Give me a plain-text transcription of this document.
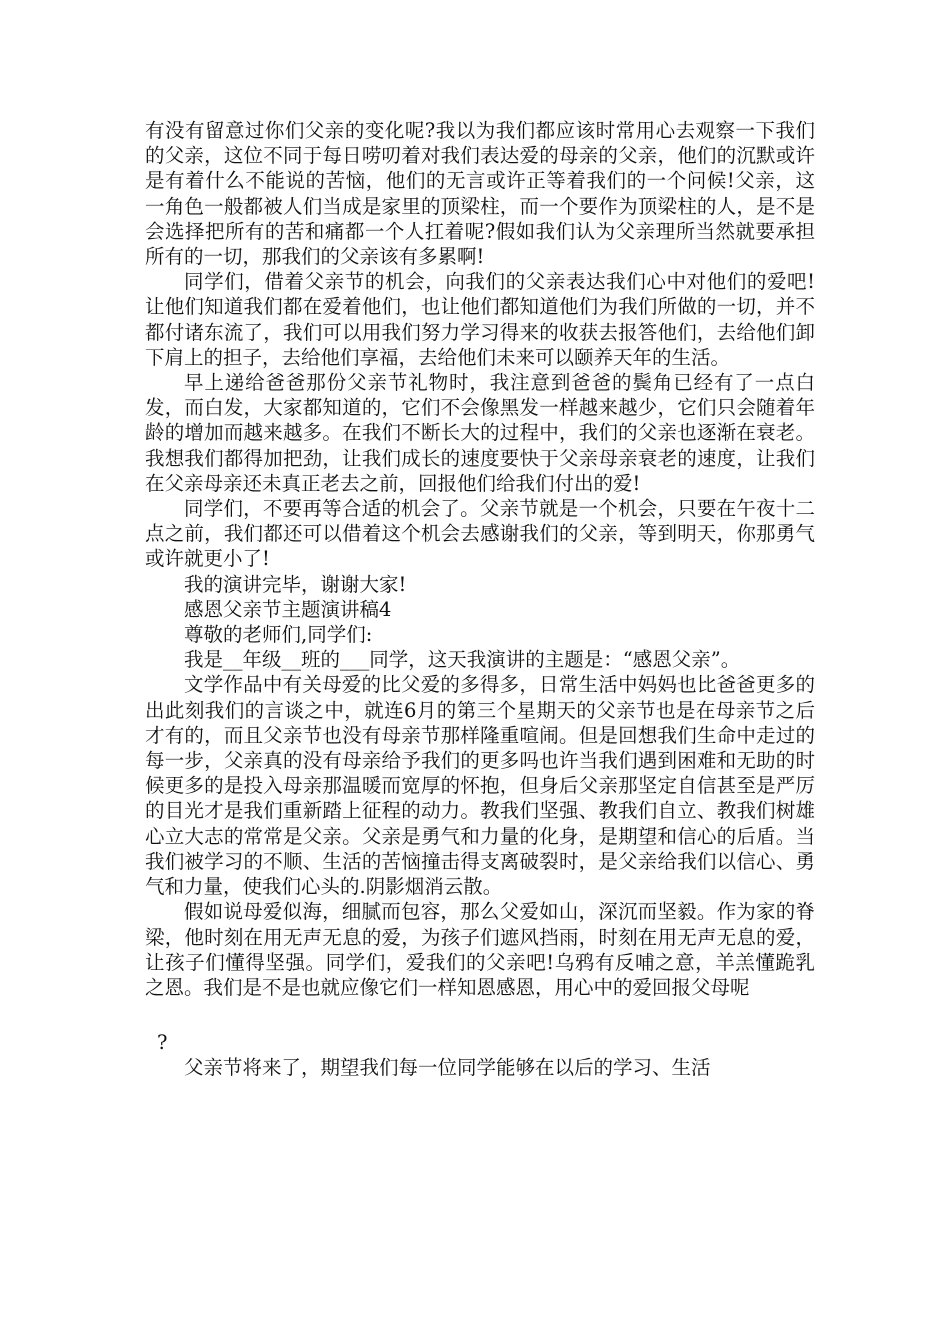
有没有留意过你们父亲的变化呢?我以为我们都应该时常用心去观察一下我们的父亲，这位不同于每日唠叨着对我们表达爱的母亲的父亲，他们的沉默或许是有着什么不能说的苦恼，他们的无言或许正等着我们的一个问候!父亲，这一角色一般都被人们当成是家里的顶梁柱，而一个要作为顶梁柱的人，是不是会选择把所有的苦和痛都一个人扛着呢?假如我们认为父亲理所当然就要承担所有的一切，那我们的父亲该有多累啊!

同学们，借着父亲节的机会，向我们的父亲表达我们心中对他们的爱吧!让他们知道我们都在爱着他们，也让他们都知道他们为我们所做的一切，并不都付诸东流了，我们可以用我们努力学习得来的收获去报答他们，去给他们卸下肩上的担子，去给他们享福，去给他们未来可以颐养天年的生活。

早上递给爸爸那份父亲节礼物时，我注意到爸爸的鬓角已经有了一点白发，而白发，大家都知道的，它们不会像黑发一样越来越少，它们只会随着年龄的增加而越来越多。在我们不断长大的过程中，我们的父亲也逐渐在衰老。我想我们都得加把劲，让我们成长的速度要快于父亲母亲衰老的速度，让我们在父亲母亲还未真正老去之前，回报他们给我们付出的爱!

同学们，不要再等合适的机会了。父亲节就是一个机会，只要在午夜十二点之前，我们都还可以借着这个机会去感谢我们的父亲，等到明天，你那勇气或许就更小了!

我的演讲完毕，谢谢大家!

感恩父亲节主题演讲稿4

尊敬的老师们,同学们:

我是__年级__班的___同学，这天我演讲的主题是：“感恩父亲”。

文学作品中有关母爱的比父爱的多得多，日常生活中妈妈也比爸爸更多的出此刻我们的言谈之中，就连6月的第三个星期天的父亲节也是在母亲节之后才有的，而且父亲节也没有母亲节那样隆重喧闹。但是回想我们生命中走过的每一步，父亲真的没有母亲给予我们的更多吗也许当我们遇到困难和无助的时候更多的是投入母亲那温暖而宽厚的怀抱，但身后父亲那坚定自信甚至是严厉的目光才是我们重新踏上征程的动力。教我们坚强、教我们自立、教我们树雄心立大志的常常是父亲。父亲是勇气和力量的化身，是期望和信心的后盾。当我们被学习的不顺、生活的苦恼撞击得支离破裂时，是父亲给我们以信心、勇气和力量，使我们心头的.阴影烟消云散。

假如说母爱似海，细腻而包容，那么父爱如山，深沉而坚毅。作为家的脊梁，他时刻在用无声无息的爱，为孩子们遮风挡雨，时刻在用无声无息的爱，让孩子们懂得坚强。同学们，爱我们的父亲吧!乌鸦有反哺之意，羊羔懂跪乳之恩。我们是不是也就应像它们一样知恩感恩，用心中的爱回报父母呢

?

父亲节将来了，期望我们每一位同学能够在以后的学习、生活
